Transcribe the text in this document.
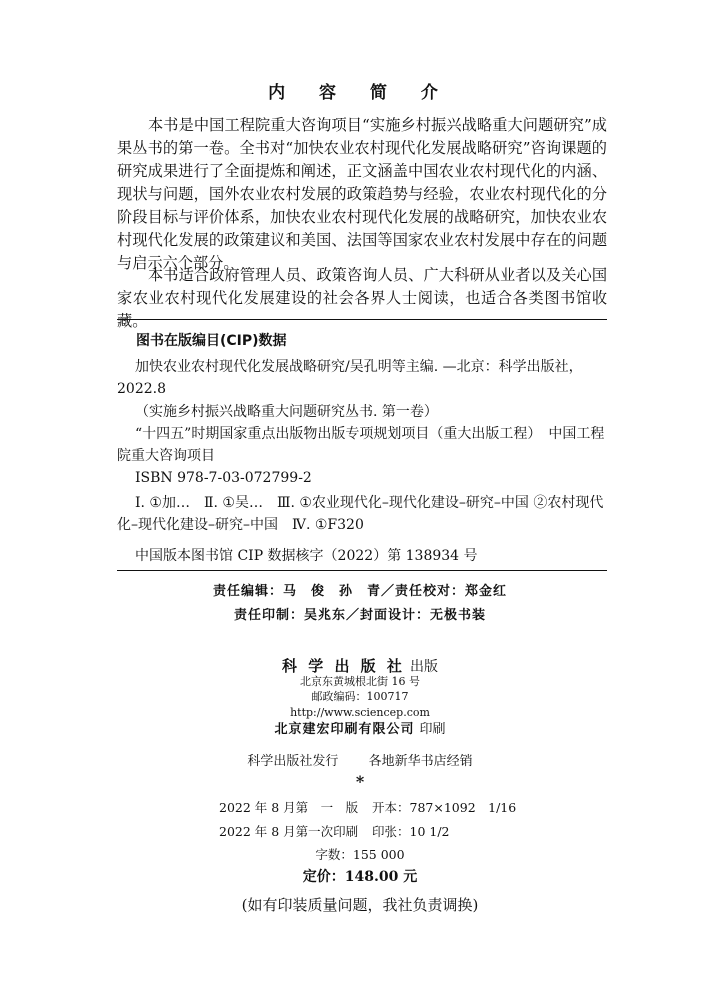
内 容 简 介
本书是中国工程院重大咨询项目“实施乡村振兴战略重大问题研究”成果丛书的第一卷。全书对“加快农业农村现代化发展战略研究”咨询课题的研究成果进行了全面提炼和阐述，正文涵盖中国农业农村现代化的内涵、现状与问题，国外农业农村发展的政策趋势与经验，农业农村现代化的分阶段目标与评价体系，加快农业农村现代化发展的战略研究，加快农业农村现代化发展的政策建议和美国、法国等国家农业农村发展中存在的问题与启示六个部分。
本书适合政府管理人员、政策咨询人员、广大科研从业者以及关心国家农业农村现代化发展建设的社会各界人士阅读，也适合各类图书馆收藏。
图书在版编目(CIP)数据
加快农业农村现代化发展战略研究/吴孔明等主编. —北京：科学出版社，2022.8
（实施乡村振兴战略重大问题研究丛书. 第一卷）
“十四五”时期国家重点出版物出版专项规划项目（重大出版工程）　中国工程院重大咨询项目
ISBN 978-7-03-072799-2
Ⅰ. ①加…　Ⅱ. ①吴…　Ⅲ. ①农业现代化–现代化建设–研究–中国 ②农村现代化–现代化建设–研究–中国　Ⅳ. ①F320
中国版本图书馆 CIP 数据核字（2022）第 138934 号
责任编辑：马　俊　孙　青／责任校对：郑金红
责任印制：吴兆东／封面设计：无极书装
科 学 出 版 社 出版
北京东黄城根北街 16 号
邮政编码：100717
http://www.sciencep.com
北京建宏印刷有限公司 印刷
科学出版社发行 各地新华书店经销
*
2022 年 8 月第　一　版 开本：787×1092　1/16
2022 年 8 月第一次印刷 印张：10 1/2
字数：155 000
定价：148.00 元
(如有印装质量问题，我社负责调换)
